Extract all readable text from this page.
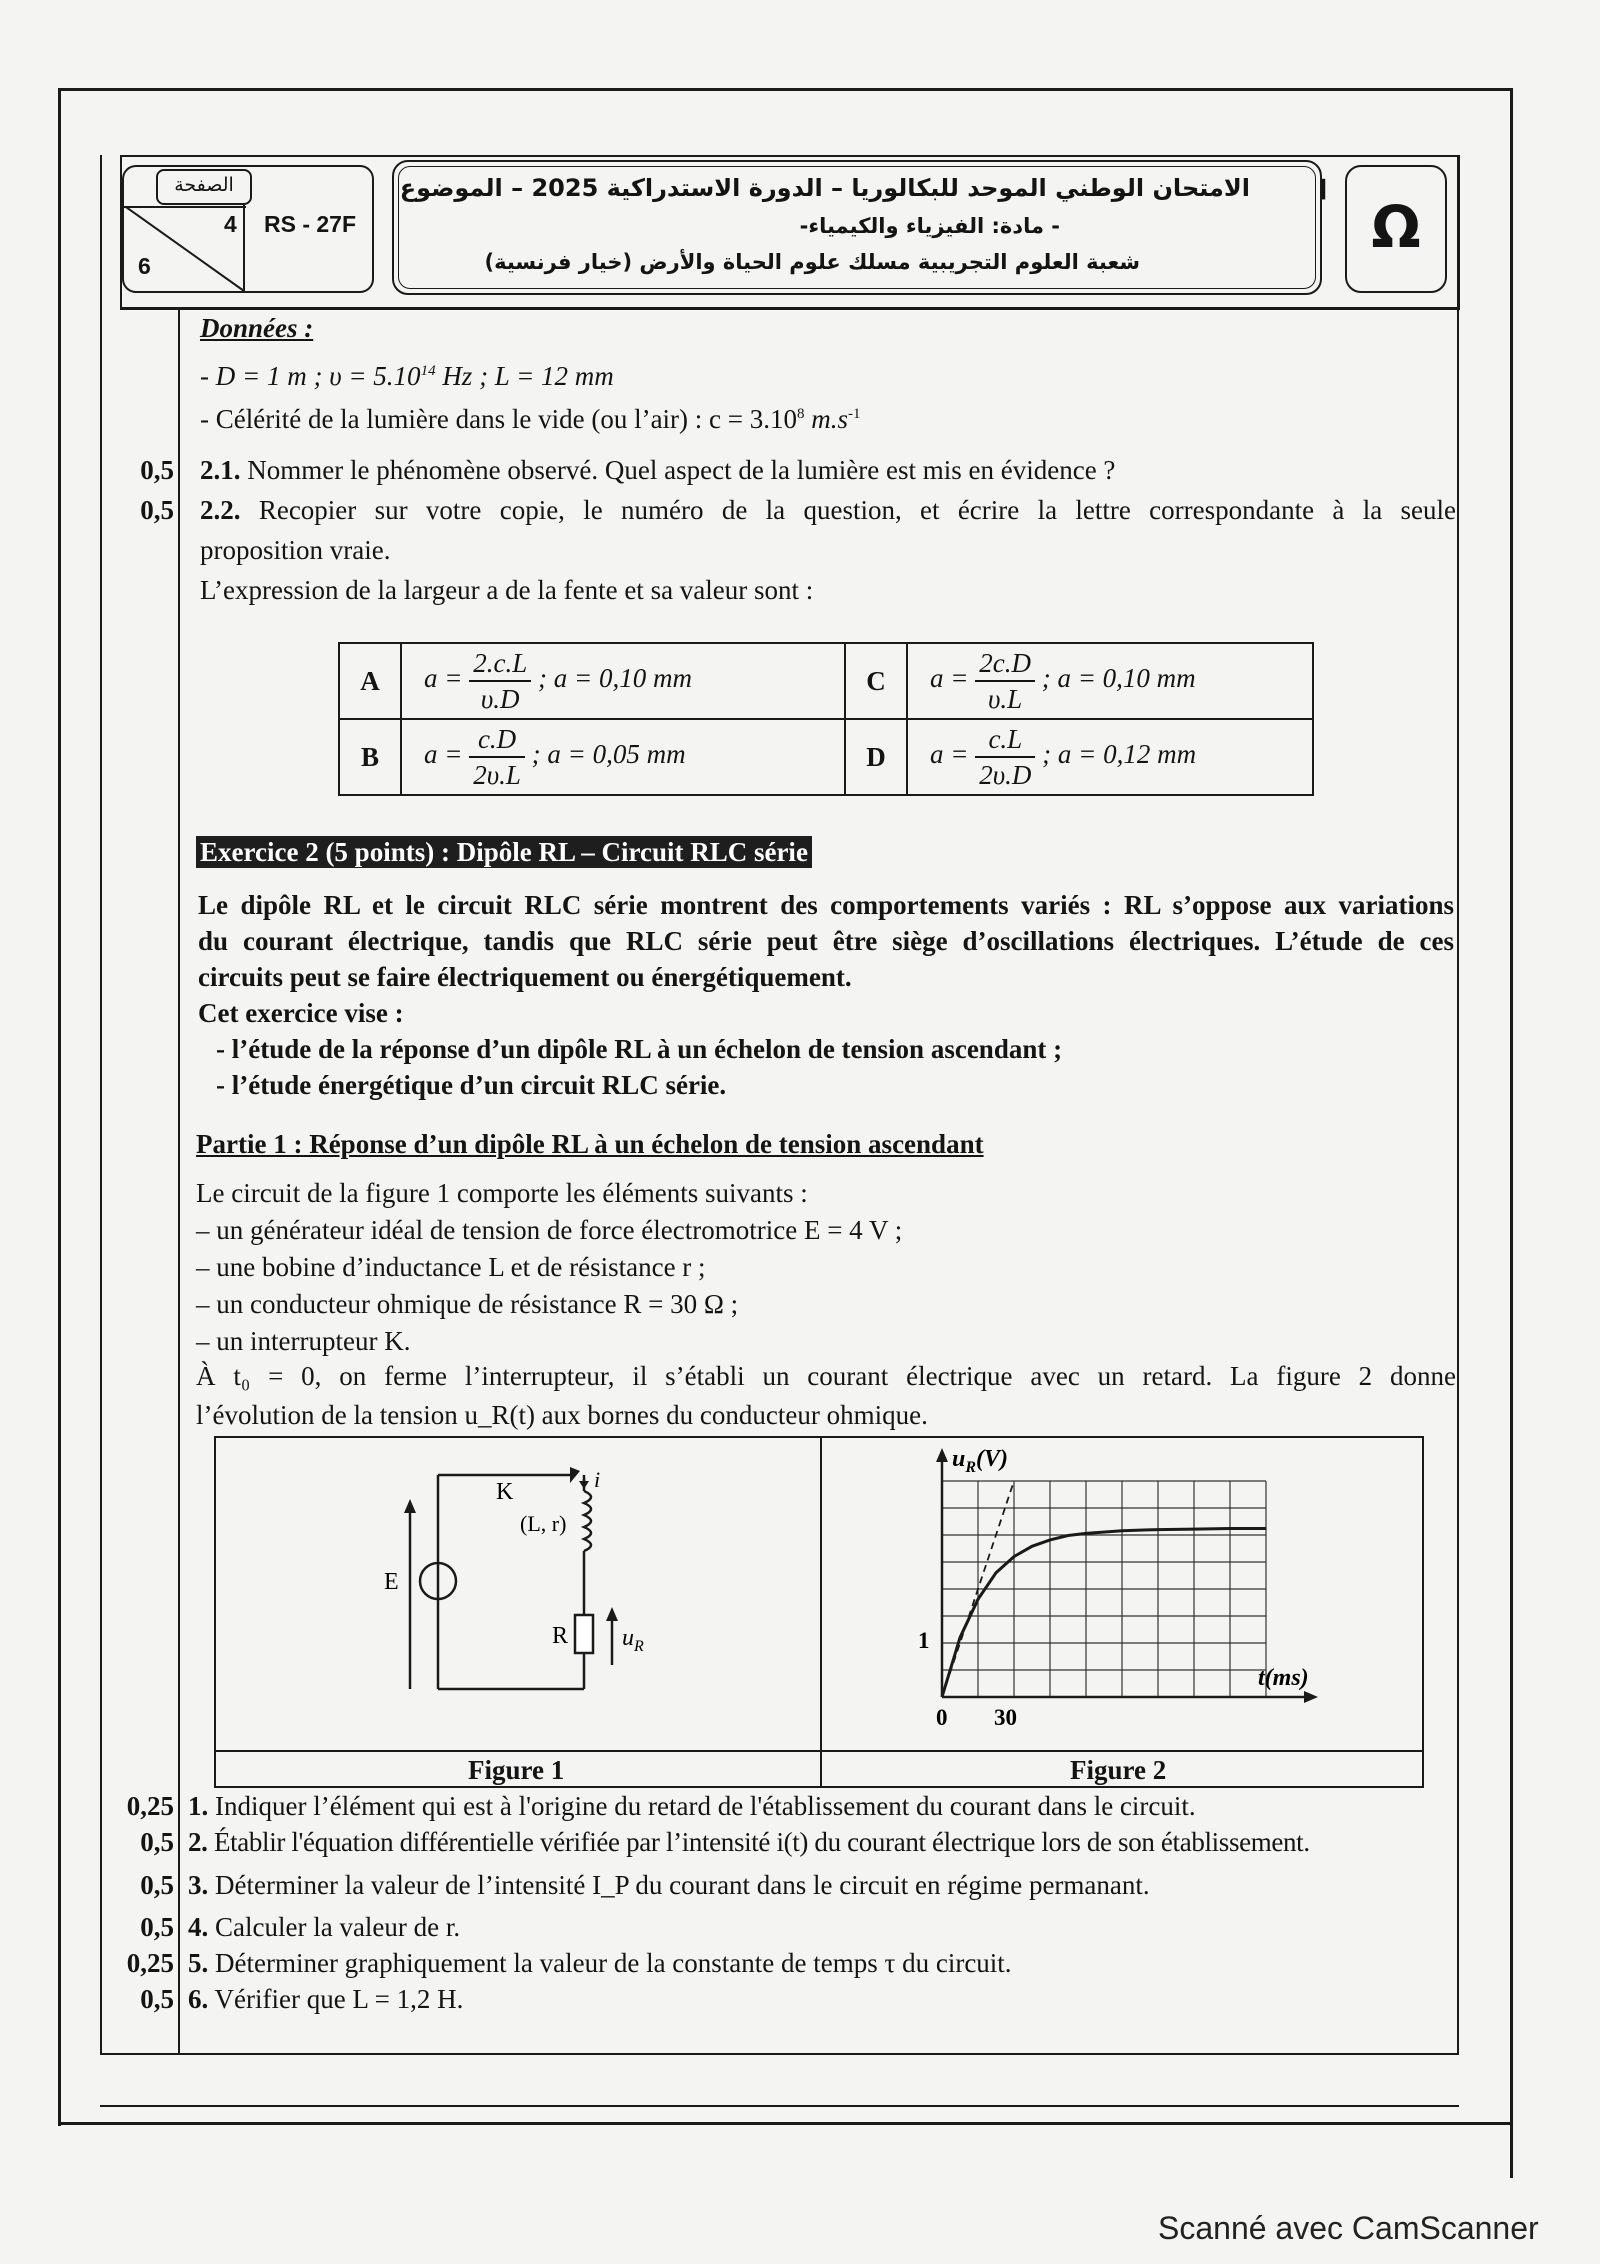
الصفحة
4
6
RS - 27F
الامتحان الوطني الموحد للبكالوريا – الدورة الاستدراكية 2025 – الموضوع
- مادة: الفيزياء والكيمياء-
شعبة العلوم التجريبية مسلك علوم الحياة والأرض (خيار فرنسية)
ا
Ω
Données :
- D = 1 m ; $\upsilon = 5.10^{14}$ Hz ; L = 12 mm
- Célérité de la lumière dans le vide (ou l’air) : $c = 3.10^8$ $m.s^{-1}$
0,5 2.1. Nommer le phénomène observé. Quel aspect de la lumière est mis en évidence ?
0,5 2.2. Recopier sur votre copie, le numéro de la question, et écrire la lettre correspondante à la seule
proposition vraie.
L’expression de la largeur a de la fente et sa valeur sont :
A	$a = \frac{2.c.L}{\upsilon.D}$ ; a = 0,10 mm	C	$a = \frac{2c.D}{\upsilon.L}$ ; a = 0,10 mm
B	$a = \frac{c.D}{2\upsilon.L}$ ; a = 0,05 mm	D	$a = \frac{c.L}{2\upsilon.D}$ ; a = 0,12 mm
Exercice 2 (5 points) : Dipôle RL – Circuit RLC série
Le dipôle RL et le circuit RLC série montrent des comportements variés : RL s’oppose aux variations
du courant électrique, tandis que RLC série peut être siège d’oscillations électriques. L’étude de ces
circuits peut se faire électriquement ou énergétiquement.
Cet exercice vise :
- l’étude de la réponse d’un dipôle RL à un échelon de tension ascendant ;
- l’étude énergétique d’un circuit RLC série.
Partie 1 : Réponse d’un dipôle RL à un échelon de tension ascendant
Le circuit de la figure 1 comporte les éléments suivants :
– un générateur idéal de tension de force électromotrice E = 4 V ;
– une bobine d’inductance L et de résistance r ;
– un conducteur ohmique de résistance R = 30 Ω ;
– un interrupteur K.
À t₀ = 0, on ferme l’interrupteur, il s’établi un courant électrique avec un retard. La figure 2 donne
l’évolution de la tension u_R(t) aux bornes du conducteur ohmique.
Figure 1	Figure 2
K	i
(L, r)
E
R $u_R$
$u_R(V)$
t(ms)
1
0 30
0,25 1. Indiquer l’élément qui est à l'origine du retard de l'établissement du courant dans le circuit.
0,5 2. Établir l'équation différentielle vérifiée par l’intensité i(t) du courant électrique lors de son établissement.
0,5 3. Déterminer la valeur de l’intensité I_P du courant dans le circuit en régime permanant.
0,5 4. Calculer la valeur de r.
0,25 5. Déterminer graphiquement la valeur de la constante de temps τ du circuit.
0,5 6. Vérifier que L = 1,2 H.
Scanné avec CamScanner
